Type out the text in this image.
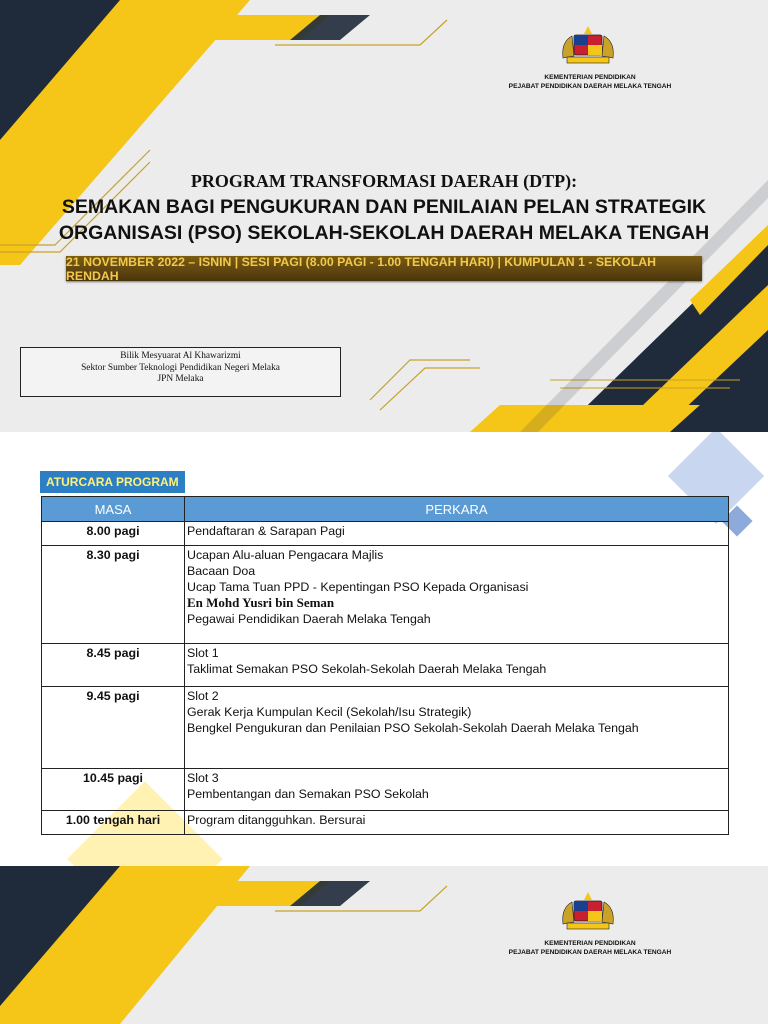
KEMENTERIAN PENDIDIKAN
PEJABAT PENDIDIKAN DAERAH MELAKA TENGAH
PROGRAM TRANSFORMASI DAERAH (DTP):
SEMAKAN BAGI PENGUKURAN DAN PENILAIAN PELAN STRATEGIK
ORGANISASI (PSO) SEKOLAH-SEKOLAH DAERAH MELAKA TENGAH
21 NOVEMBER 2022 – ISNIN | SESI PAGI (8.00 PAGI - 1.00 TENGAH HARI) | KUMPULAN 1 - SEKOLAH RENDAH
Bilik Mesyuarat Al Khawarizmi
Sektor Sumber Teknologi Pendidikan Negeri Melaka
JPN Melaka
ATURCARA PROGRAM
MASA	PERKARA
8.00 pagi	Pendaftaran & Sarapan Pagi

8.30 pagi	Ucapan Alu-aluan Pengacara Majlis
Bacaan Doa
Ucap Tama Tuan PPD - Kepentingan PSO Kepada Organisasi
En Mohd Yusri bin Seman
Pegawai Pendidikan Daerah Melaka Tengah

8.45 pagi	Slot 1
Taklimat Semakan PSO Sekolah-Sekolah Daerah Melaka Tengah

9.45 pagi	Slot 2
Gerak Kerja Kumpulan Kecil (Sekolah/Isu Strategik)
Bengkel Pengukuran dan Penilaian PSO Sekolah-Sekolah Daerah Melaka Tengah

10.45 pagi	Slot 3
Pembentangan dan Semakan PSO Sekolah

1.00 tengah hari	Program ditangguhkan. Bersurai
KEMENTERIAN PENDIDIKAN
PEJABAT PENDIDIKAN DAERAH MELAKA TENGAH
